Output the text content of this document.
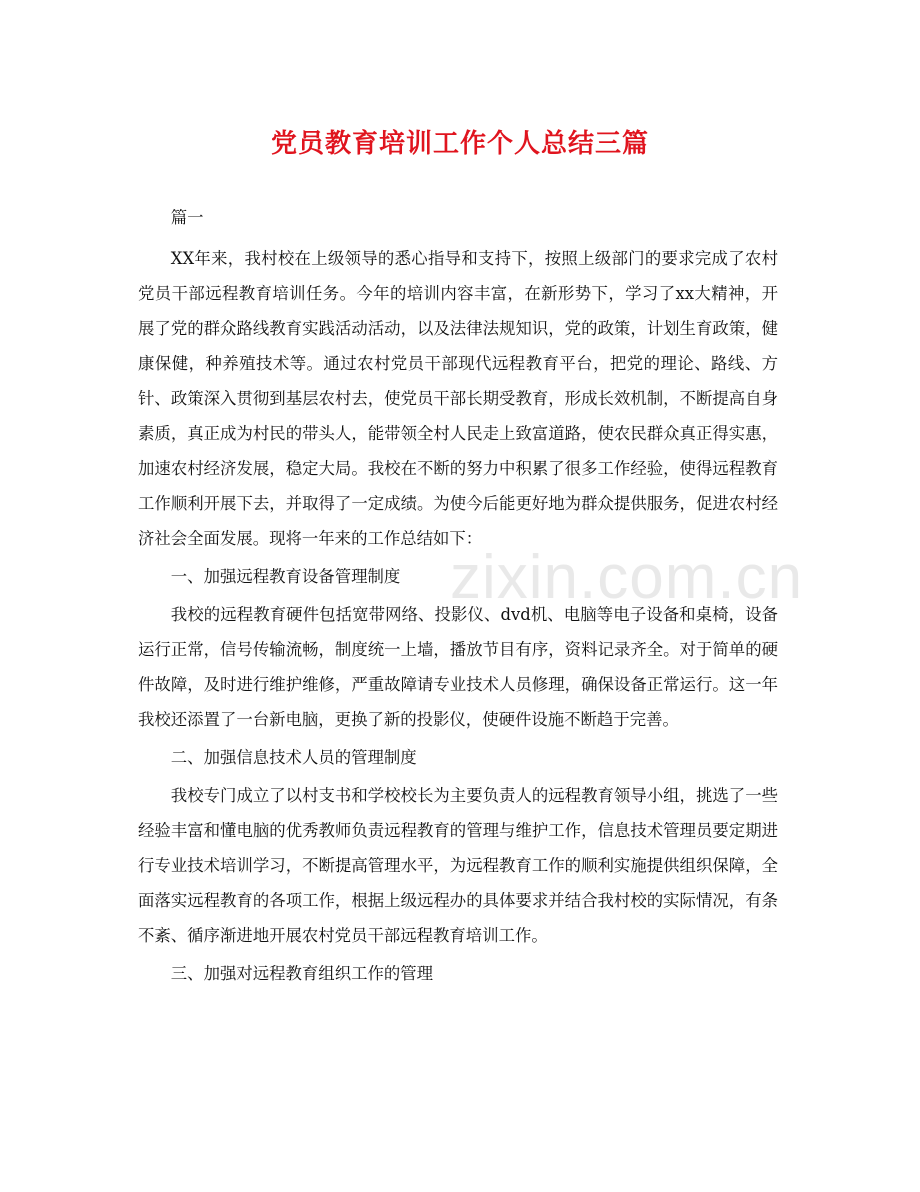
zixin.com.cn
党员教育培训工作个人总结三篇

篇一

XX年来，我村校在上级领导的悉心指导和支持下，按照上级部门的要求完成了农村党员干部远程教育培训任务。今年的培训内容丰富，在新形势下，学习了xx大精神，开展了党的群众路线教育实践活动活动，以及法律法规知识，党的政策，计划生育政策，健康保健，种养殖技术等。通过农村党员干部现代远程教育平台，把党的理论、路线、方针、政策深入贯彻到基层农村去，使党员干部长期受教育，形成长效机制，不断提高自身素质，真正成为村民的带头人，能带领全村人民走上致富道路，使农民群众真正得实惠，加速农村经济发展，稳定大局。我校在不断的努力中积累了很多工作经验，使得远程教育工作顺利开展下去，并取得了一定成绩。为使今后能更好地为群众提供服务，促进农村经济社会全面发展。现将一年来的工作总结如下：

一、加强远程教育设备管理制度

我校的远程教育硬件包括宽带网络、投影仪、dvd机、电脑等电子设备和桌椅，设备运行正常，信号传输流畅，制度统一上墙，播放节目有序，资料记录齐全。对于简单的硬件故障，及时进行维护维修，严重故障请专业技术人员修理，确保设备正常运行。这一年我校还添置了一台新电脑，更换了新的投影仪，使硬件设施不断趋于完善。

二、加强信息技术人员的管理制度

我校专门成立了以村支书和学校校长为主要负责人的远程教育领导小组，挑选了一些经验丰富和懂电脑的优秀教师负责远程教育的管理与维护工作，信息技术管理员要定期进行专业技术培训学习，不断提高管理水平，为远程教育工作的顺利实施提供组织保障，全面落实远程教育的各项工作，根据上级远程办的具体要求并结合我村校的实际情况，有条不紊、循序渐进地开展农村党员干部远程教育培训工作。

三、加强对远程教育组织工作的管理
